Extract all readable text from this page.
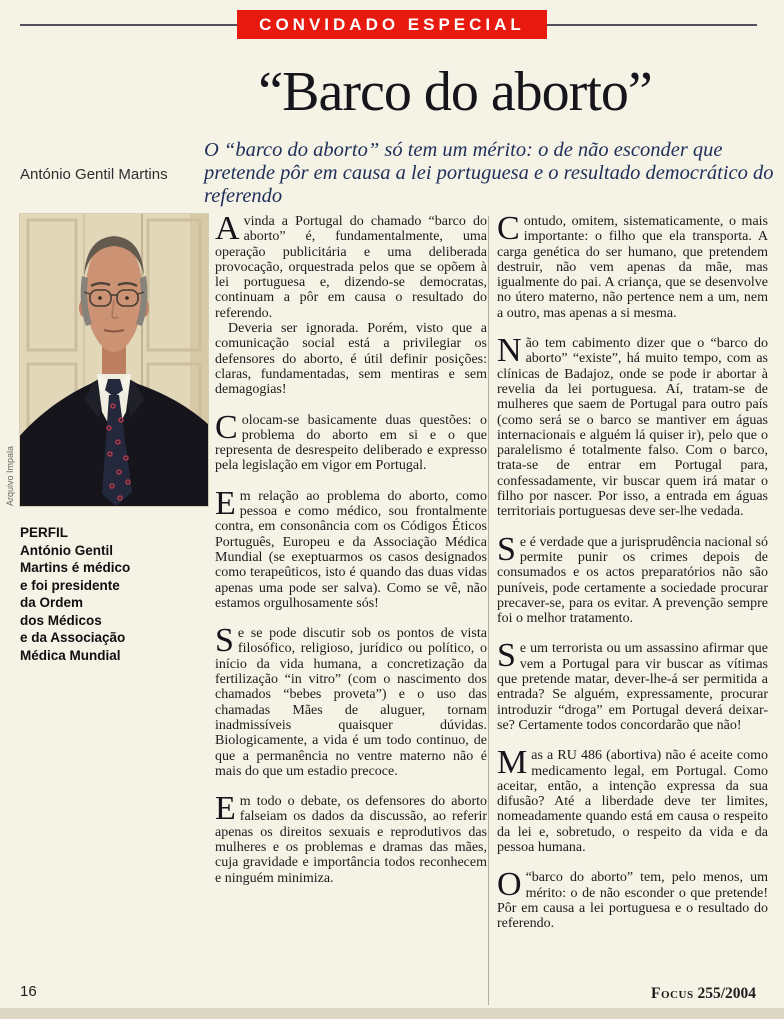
CONVIDADO ESPECIAL
“Barco do aborto”
O “barco do aborto” só tem um mérito: o de não esconder que pretende pôr em causa a lei portuguesa e o resultado democrático do referendo
António Gentil Martins
Arquivo Impala
PERFIL
António Gentil
Martins é médico
e foi presidente
da Ordem
dos Médicos
e da Associação
Médica Mundial

Avinda a Portugal do chamado “barco do aborto” é, fundamentalmente, uma operação publicitária e uma deliberada provocação, orquestrada pelos que se opõem à lei portuguesa e, dizendo-se democratas, continuam a pôr em causa o resultado do referendo.

Deveria ser ignorada. Porém, visto que a comunicação social está a privilegiar os defensores do aborto, é útil definir posições: claras, fundamentadas, sem mentiras e sem demagogias!

Colocam-se basicamente duas questões: o problema do aborto em si e o que representa de desrespeito deliberado e expresso pela legislação em vigor em Portugal.

Em relação ao problema do aborto, como pessoa e como médico, sou frontalmente contra, em consonância com os Códigos Éticos Português, Europeu e da Associação Médica Mundial (se exeptuarmos os casos designados como terapeûticos, isto é quando das duas vidas apenas uma pode ser salva). Como se vê, não estamos orgulhosamente sós!

Se se pode discutir sob os pontos de vista filosófico, religioso, jurídico ou político, o início da vida humana, a concretização da fertilização “in vitro” (com o nascimento dos chamados “bebes proveta”) e o uso das chamadas Mães de aluguer, tornam inadmissíveis quaisquer dúvidas. Biologicamente, a vida é um todo continuo, de que a permanência no ventre materno não é mais do que um estadio precoce.

Em todo o debate, os defensores do aborto falseiam os dados da discussão, ao referir apenas os direitos sexuais e reprodutivos das mulheres e os problemas e dramas das mães, cuja gravidade e importância todos reconhecem e ninguém minimiza.

Contudo, omitem, sistematicamente, o mais importante: o filho que ela transporta. A carga genética do ser humano, que pretendem destruir, não vem apenas da mãe, mas igualmente do pai. A criança, que se desenvolve no útero materno, não pertence nem a um, nem a outro, mas apenas a si mesma.

Não tem cabimento dizer que o “barco do aborto” “existe”, há muito tempo, com as clínicas de Badajoz, onde se pode ir abortar à revelia da lei portuguesa. Aí, tratam-se de mulheres que saem de Portugal para outro país (como será se o barco se mantiver em águas internacionais e alguém lá quiser ir), pelo que o paralelismo é totalmente falso. Com o barco, trata-se de entrar em Portugal para, confessadamente, vir buscar quem irá matar o filho por nascer. Por isso, a entrada em águas territoriais portuguesas deve ser-lhe vedada.

Se é verdade que a jurisprudência nacional só permite punir os crimes depois de consumados e os actos preparatórios não são puníveis, pode certamente a sociedade procurar precaver-se, para os evitar. A prevenção sempre foi o melhor tratamento.

Se um terrorista ou um assassino afirmar que vem a Portugal para vir buscar as vítimas que pretende matar, dever-lhe-á ser permitida a entrada? Se alguém, expressamente, procurar introduzir “droga” em Portugal deverá deixar-se? Certamente todos concordarão que não!

Mas a RU 486 (abortiva) não é aceite como medicamento legal, em Portugal. Como aceitar, então, a intenção expressa da sua difusão? Até a liberdade deve ter limites, nomeadamente quando está em causa o respeito da lei e, sobretudo, o respeito da vida e da pessoa humana.

O “barco do aborto” tem, pelo menos, um mérito: o de não esconder o que pretende! Pôr em causa a lei portuguesa e o resultado do referendo.

16	Focus 255/2004
